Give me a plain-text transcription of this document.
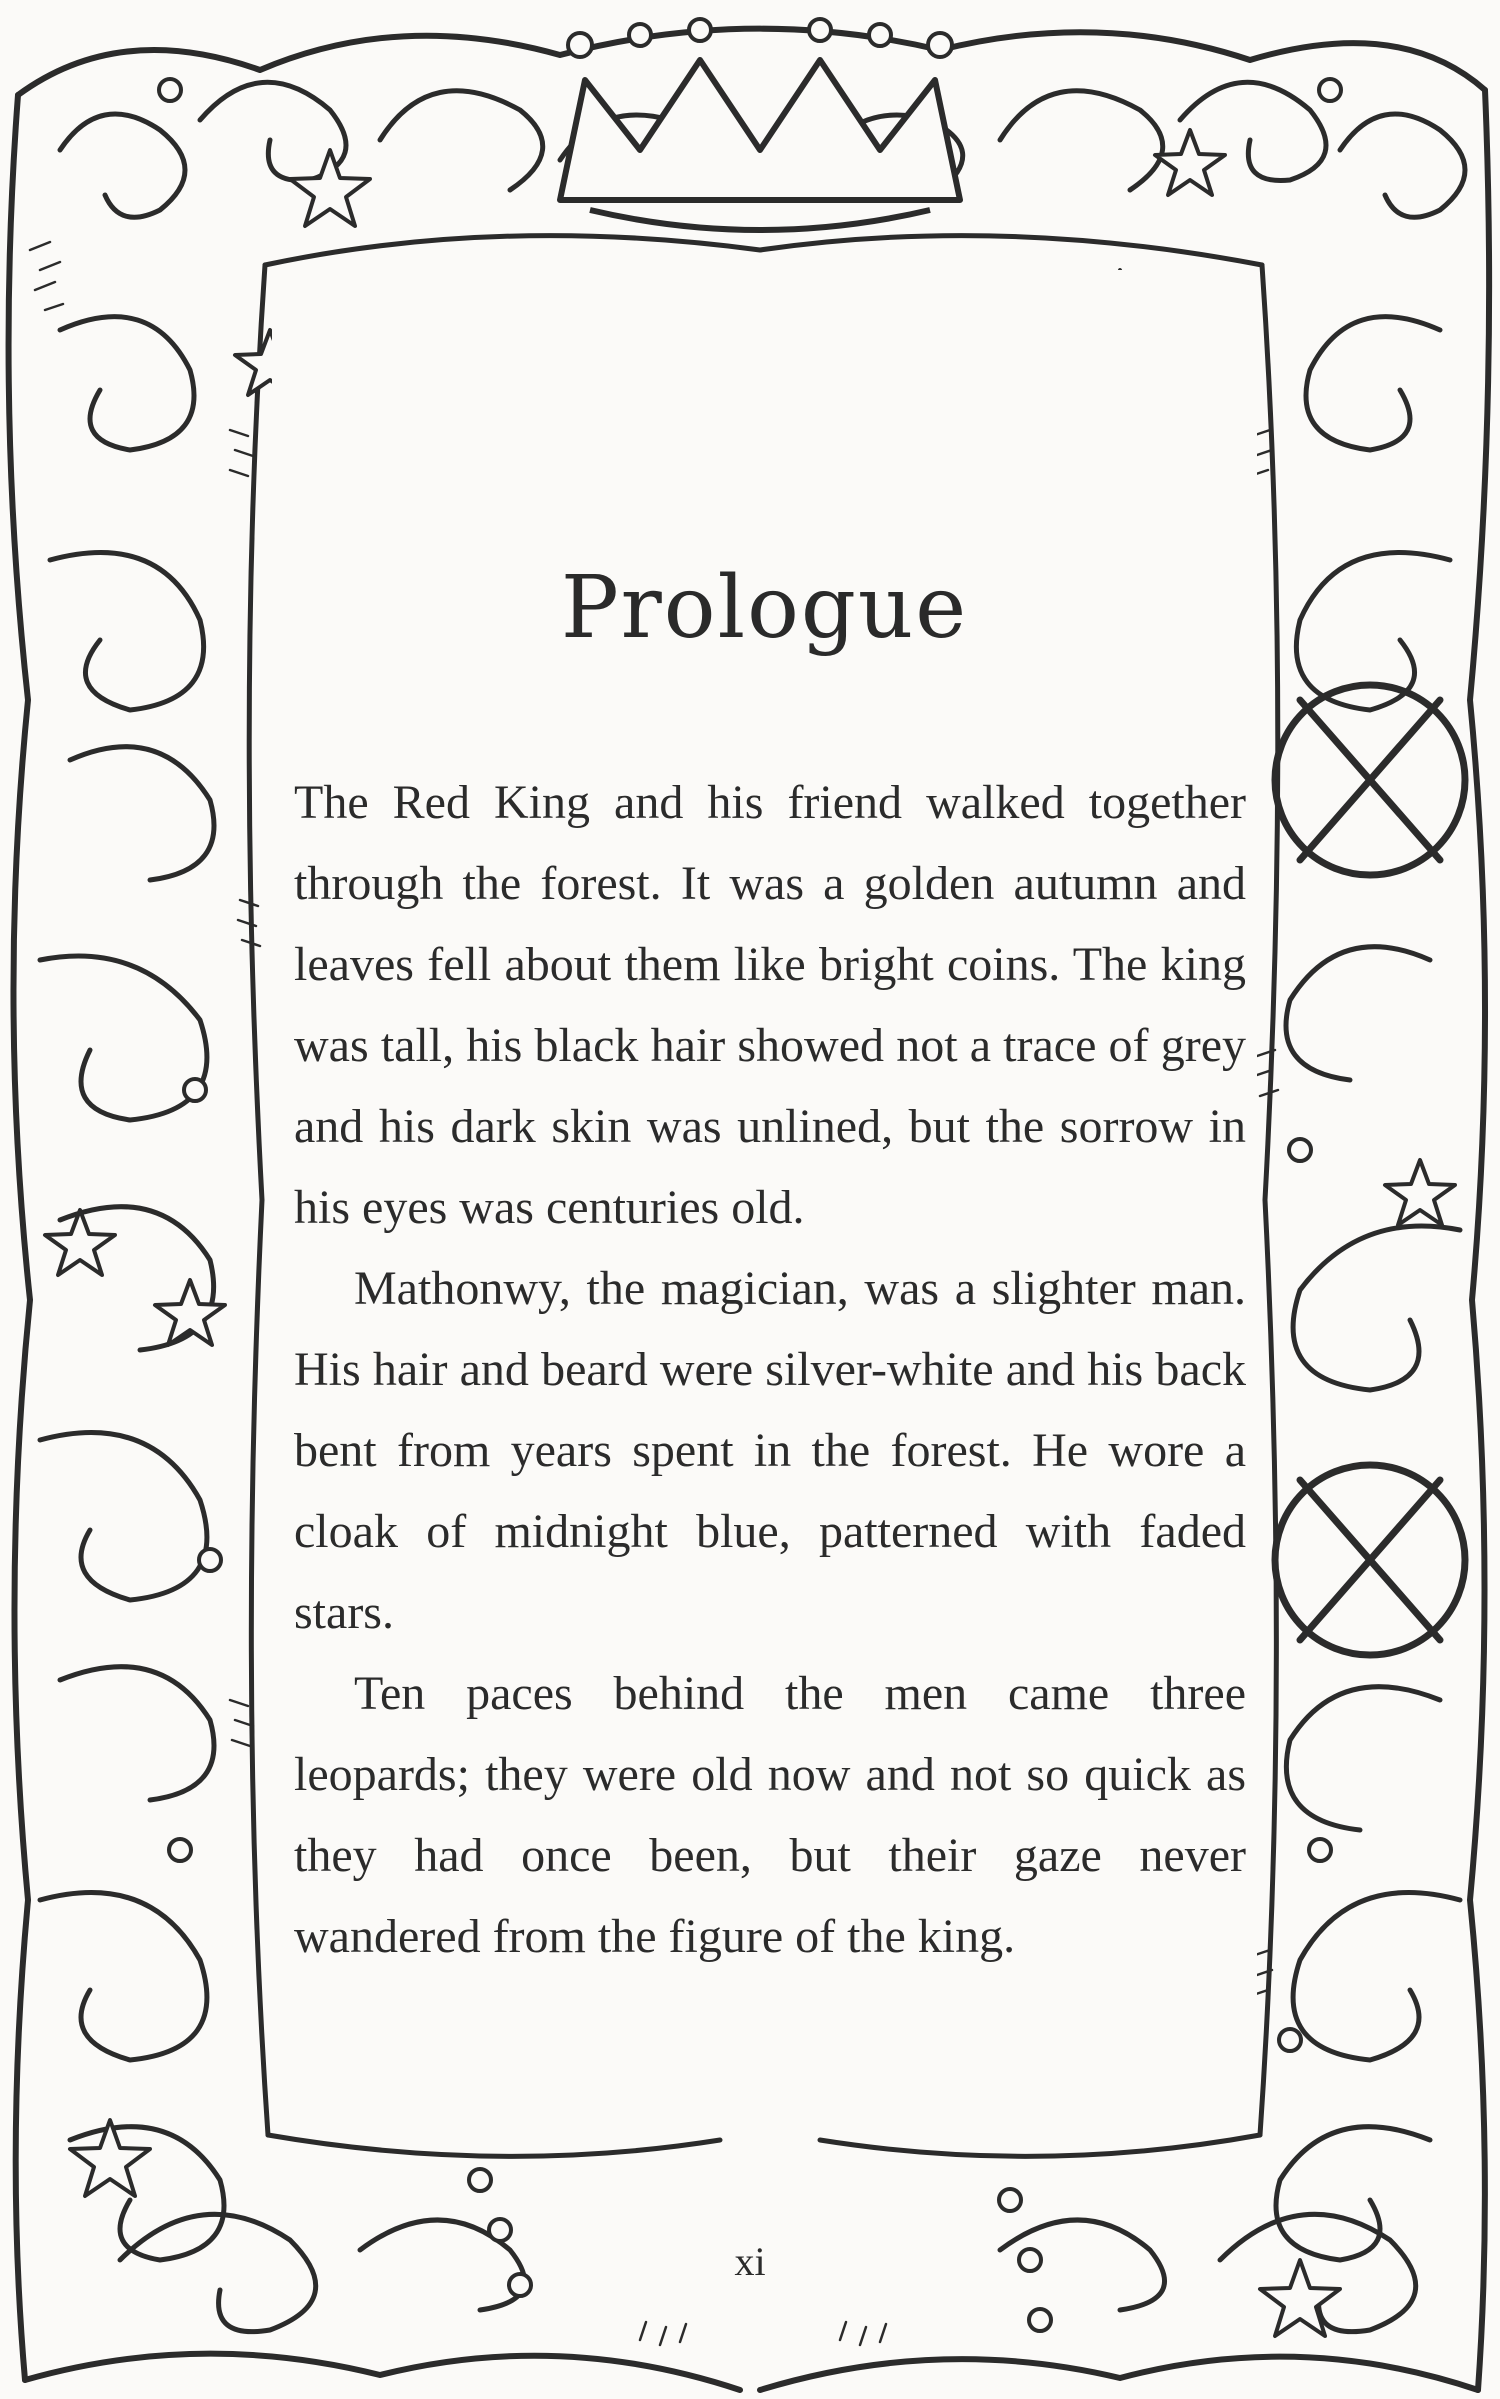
Prologue

The Red King and his friend walked together through the forest. It was a golden autumn and leaves fell about them like bright coins. The king was tall, his black hair showed not a trace of grey and his dark skin was unlined, but the sorrow in his eyes was centuries old.

Mathonwy, the magician, was a slighter man. His hair and beard were silver-white and his back bent from years spent in the forest. He wore a cloak of midnight blue, patterned with faded stars.

Ten paces behind the men came three leopards; they were old now and not so quick as they had once been, but their gaze never wandered from the figure of the king.

xi
